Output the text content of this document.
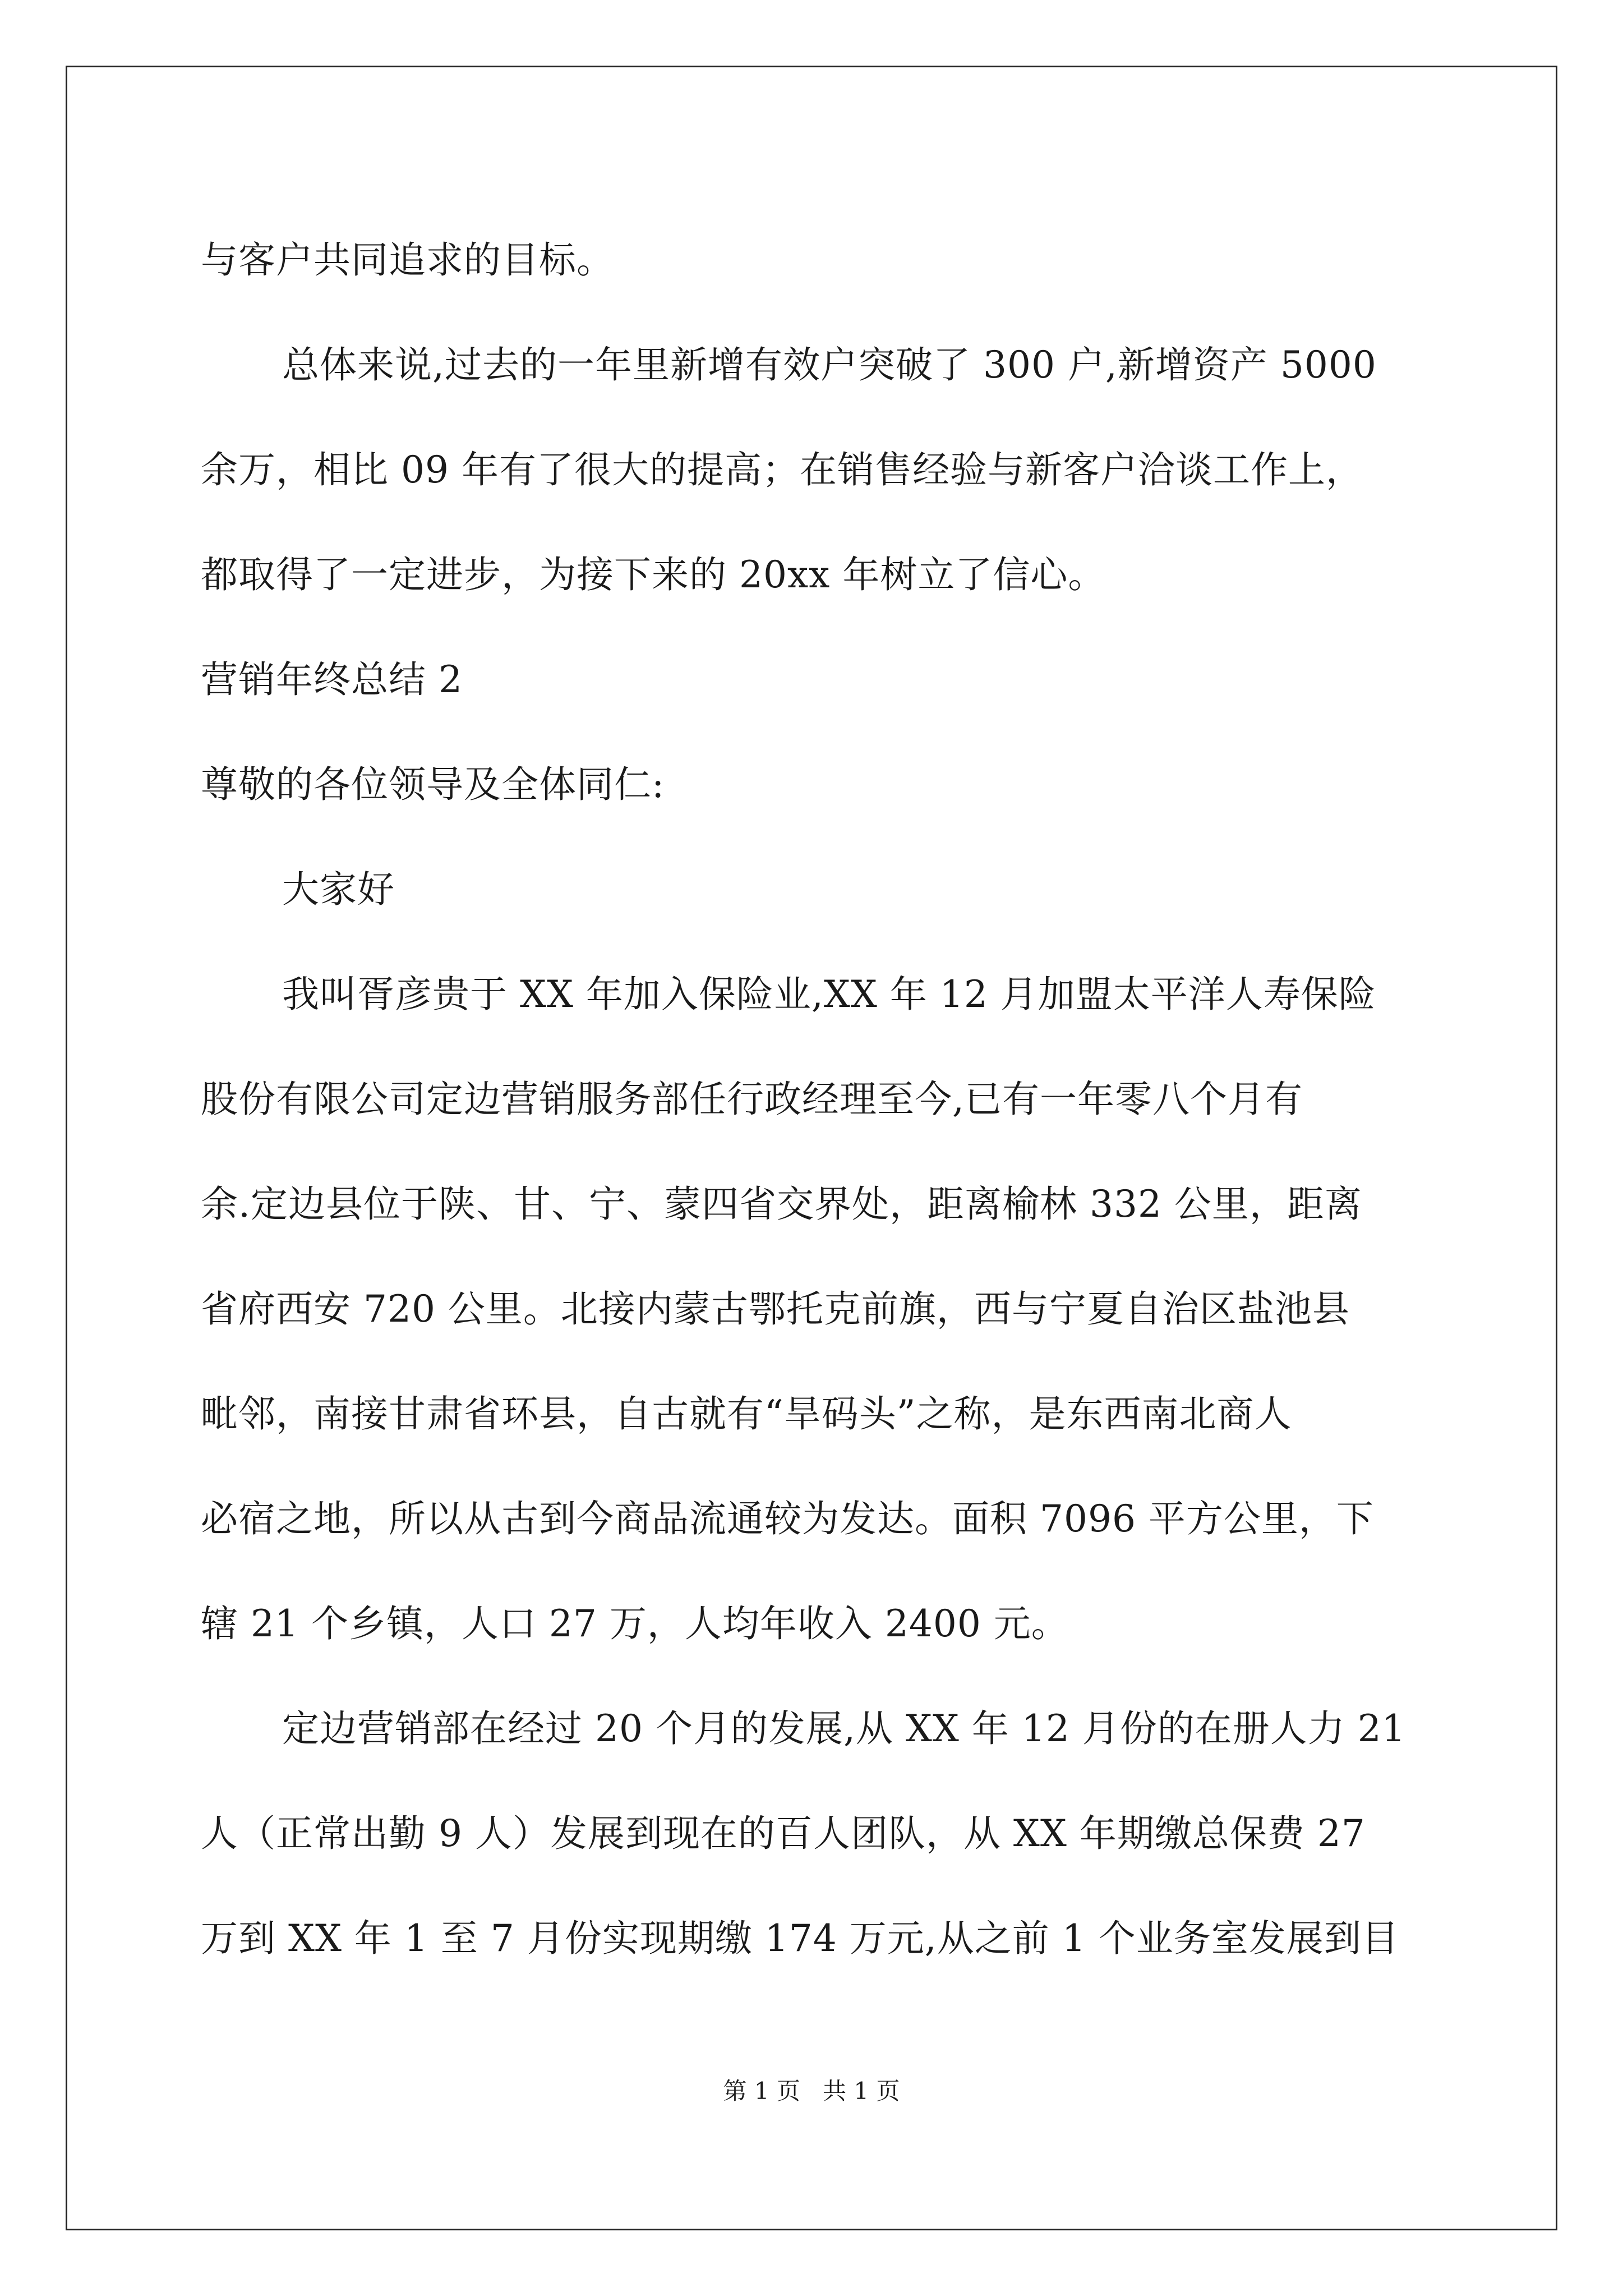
与客户共同追求的目标。
总体来说,过去的一年里新增有效户突破了 300 户,新增资产 5000
余万，相比 09 年有了很大的提高；在销售经验与新客户洽谈工作上，
都取得了一定进步，为接下来的 20xx 年树立了信心。
营销年终总结 2
尊敬的各位领导及全体同仁:
大家好
我叫胥彦贵于 XX 年加入保险业,XX 年 12 月加盟太平洋人寿保险
股份有限公司定边营销服务部任行政经理至今,已有一年零八个月有
余.定边县位于陕、甘、宁、蒙四省交界处，距离榆林 332 公里，距离
省府西安 720 公里。北接内蒙古鄂托克前旗，西与宁夏自治区盐池县
毗邻，南接甘肃省环县，自古就有“旱码头”之称，是东西南北商人
必宿之地，所以从古到今商品流通较为发达。面积 7096 平方公里，下
辖 21 个乡镇，人口 27 万，人均年收入 2400 元。
定边营销部在经过 20 个月的发展,从 XX 年 12 月份的在册人力 21
人（正常出勤 9 人）发展到现在的百人团队，从 XX 年期缴总保费 27
万到 XX 年 1 至 7 月份实现期缴 174 万元,从之前 1 个业务室发展到目
第 1 页   共 1 页
